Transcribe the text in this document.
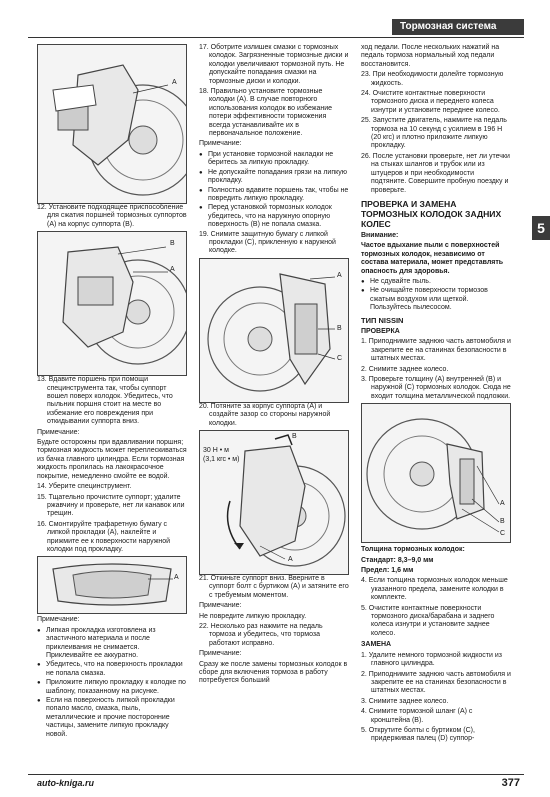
Тормозная система
5
A

12. Установите подходящее приспособление для сжатия поршней тормозных суппортов (A) на корпус суппорта (B).

B
A

13. Вдавите поршень при помощи специнструмента так, чтобы суппорт вошел поверх колодок. Убедитесь, что пыльник поршня стоит на месте во избежание его повреждения при откидывании суппорта вниз.

Примечание:

Будьте осторожны при вдавливании поршня; тормозная жидкость может переплескиваться из бачка главного цилиндра. Если тормозная жидкость пролилась на лакокрасочное покрытие, немедленно смойте ее водой.

14. Уберите специнструмент.

15. Тщательно прочистите суппорт; удалите ржавчину и проверьте, нет ли канавок или трещин.

16. Смонтируйте трафаретную бумагу с липкой прокладки (A), наклейте и прижмите ее к поверхности наружной колодки под прокладку.

A

Примечание:

● Липкая прокладка изготовлена из эластичного материала и после приклеивания не снимается. Приклеивайте ее аккуратно.

● Убедитесь, что на поверхность прокладки не попала смазка.

● Приложите липкую прокладку к колодке по шаблону, показанному на рисунке.

● Если на поверхность липкой прокладки попало масло, смазка, пыль, металлические и прочие посторонние частицы, замените липкую прокладку новой.

17. Оботрите излишек смазки с тормозных колодок. Загрязненные тормозные диски и колодки увеличивают тормозной путь. Не допускайте попадания смазки на тормозные диски и колодки.

18. Правильно установите тормозные колодки (A). В случае повторного использования колодок во избежание потери эффективности торможения всегда устанавливайте их в первоначальное положение.

Примечание:

● При установке тормозной накладки не беритесь за липкую прокладку.

● Не допускайте попадания грязи на липкую прокладку.

● Полностью вдавите поршень так, чтобы не повредить липкую прокладку.

● Перед установкой тормозных колодок убедитесь, что на наружную опорную поверхность (B) не попала смазка.

19. Снимите защитную бумагу с липкой прокладки (C), прикленную к наружной колодке.

A
B
C

20. Потяните за корпус суппорта (A) и создайте зазор со стороны наружной колодки.

B
30 Н • м
(3,1 кгс • м)
A

21. Откиньте суппорт вниз. Вверните в суппорт болт с буртиком (A) и затяните его с требуемым моментом.

Примечание:

Не повредите липкую прокладку.

22. Несколько раз нажмите на педаль тормоза и убедитесь, что тормоза работают исправно.

Примечание:

Сразу же после замены тормозных колодок в сборе для включения тормоза в работу потребуется больший

ход педали. После нескольких нажатий на педаль тормоза нормальный ход педали восстановится.

23. При необходимости долейте тормозную жидкость.

24. Очистите контактные поверхности тормозного диска и переднего колеса изнутри и установите переднее колесо.

25. Запустите двигатель, нажмите на педаль тормоза на 10 секунд с усилием в 196 Н (20 кгс) и плотно приложите липкую прокладку.

26. После установки проверьте, нет ли утечки на стыках шлангов и трубок или из штуцеров и при необходимости подтяните. Совершите пробную поездку и проверьте.

ПРОВЕРКА И ЗАМЕНА ТОРМОЗНЫХ КОЛОДОК ЗАДНИХ КОЛЕС

Внимание:

Частое вдыхание пыли с поверхностей тормозных колодок, независимо от состава материала, может представлять опасность для здоровья.

● Не сдувайте пыль.

● Не очищайте поверхности тормозов сжатым воздухом или щеткой. Пользуйтесь пылесосом.

ТИП NISSIN
ПРОВЕРКА

1. Приподнимите заднюю часть автомобиля и закрепите ее на станинах безопасности в штатных местах.

2. Снимите заднее колесо.

3. Проверьте толщину (A) внутренней (B) и наружной (C) тормозных колодок. Сюда не входит толщина металлической подложки.

A
B
C

Толщина тормозных колодок:

Стандарт: 8,3–9,0 мм

Предел: 1,6 мм

4. Если толщина тормозных колодок меньше указанного предела, замените колодки в комплекте.

5. Очистите контактные поверхности тормозного диска/барабана и заднего колеса изнутри и установите заднее колесо.

ЗАМЕНА

1. Удалите немного тормозной жидкости из главного цилиндра.

2. Приподнимите заднюю часть автомобиля и закрепите ее на станинах безопасности в штатных местах.

3. Снимите заднее колесо.

4. Снимите тормозной шланг (A) с кронштейна (B).

5. Открутите болты с буртиком (C), придерживая палец (D) суппор-

auto-kniga.ru	377
